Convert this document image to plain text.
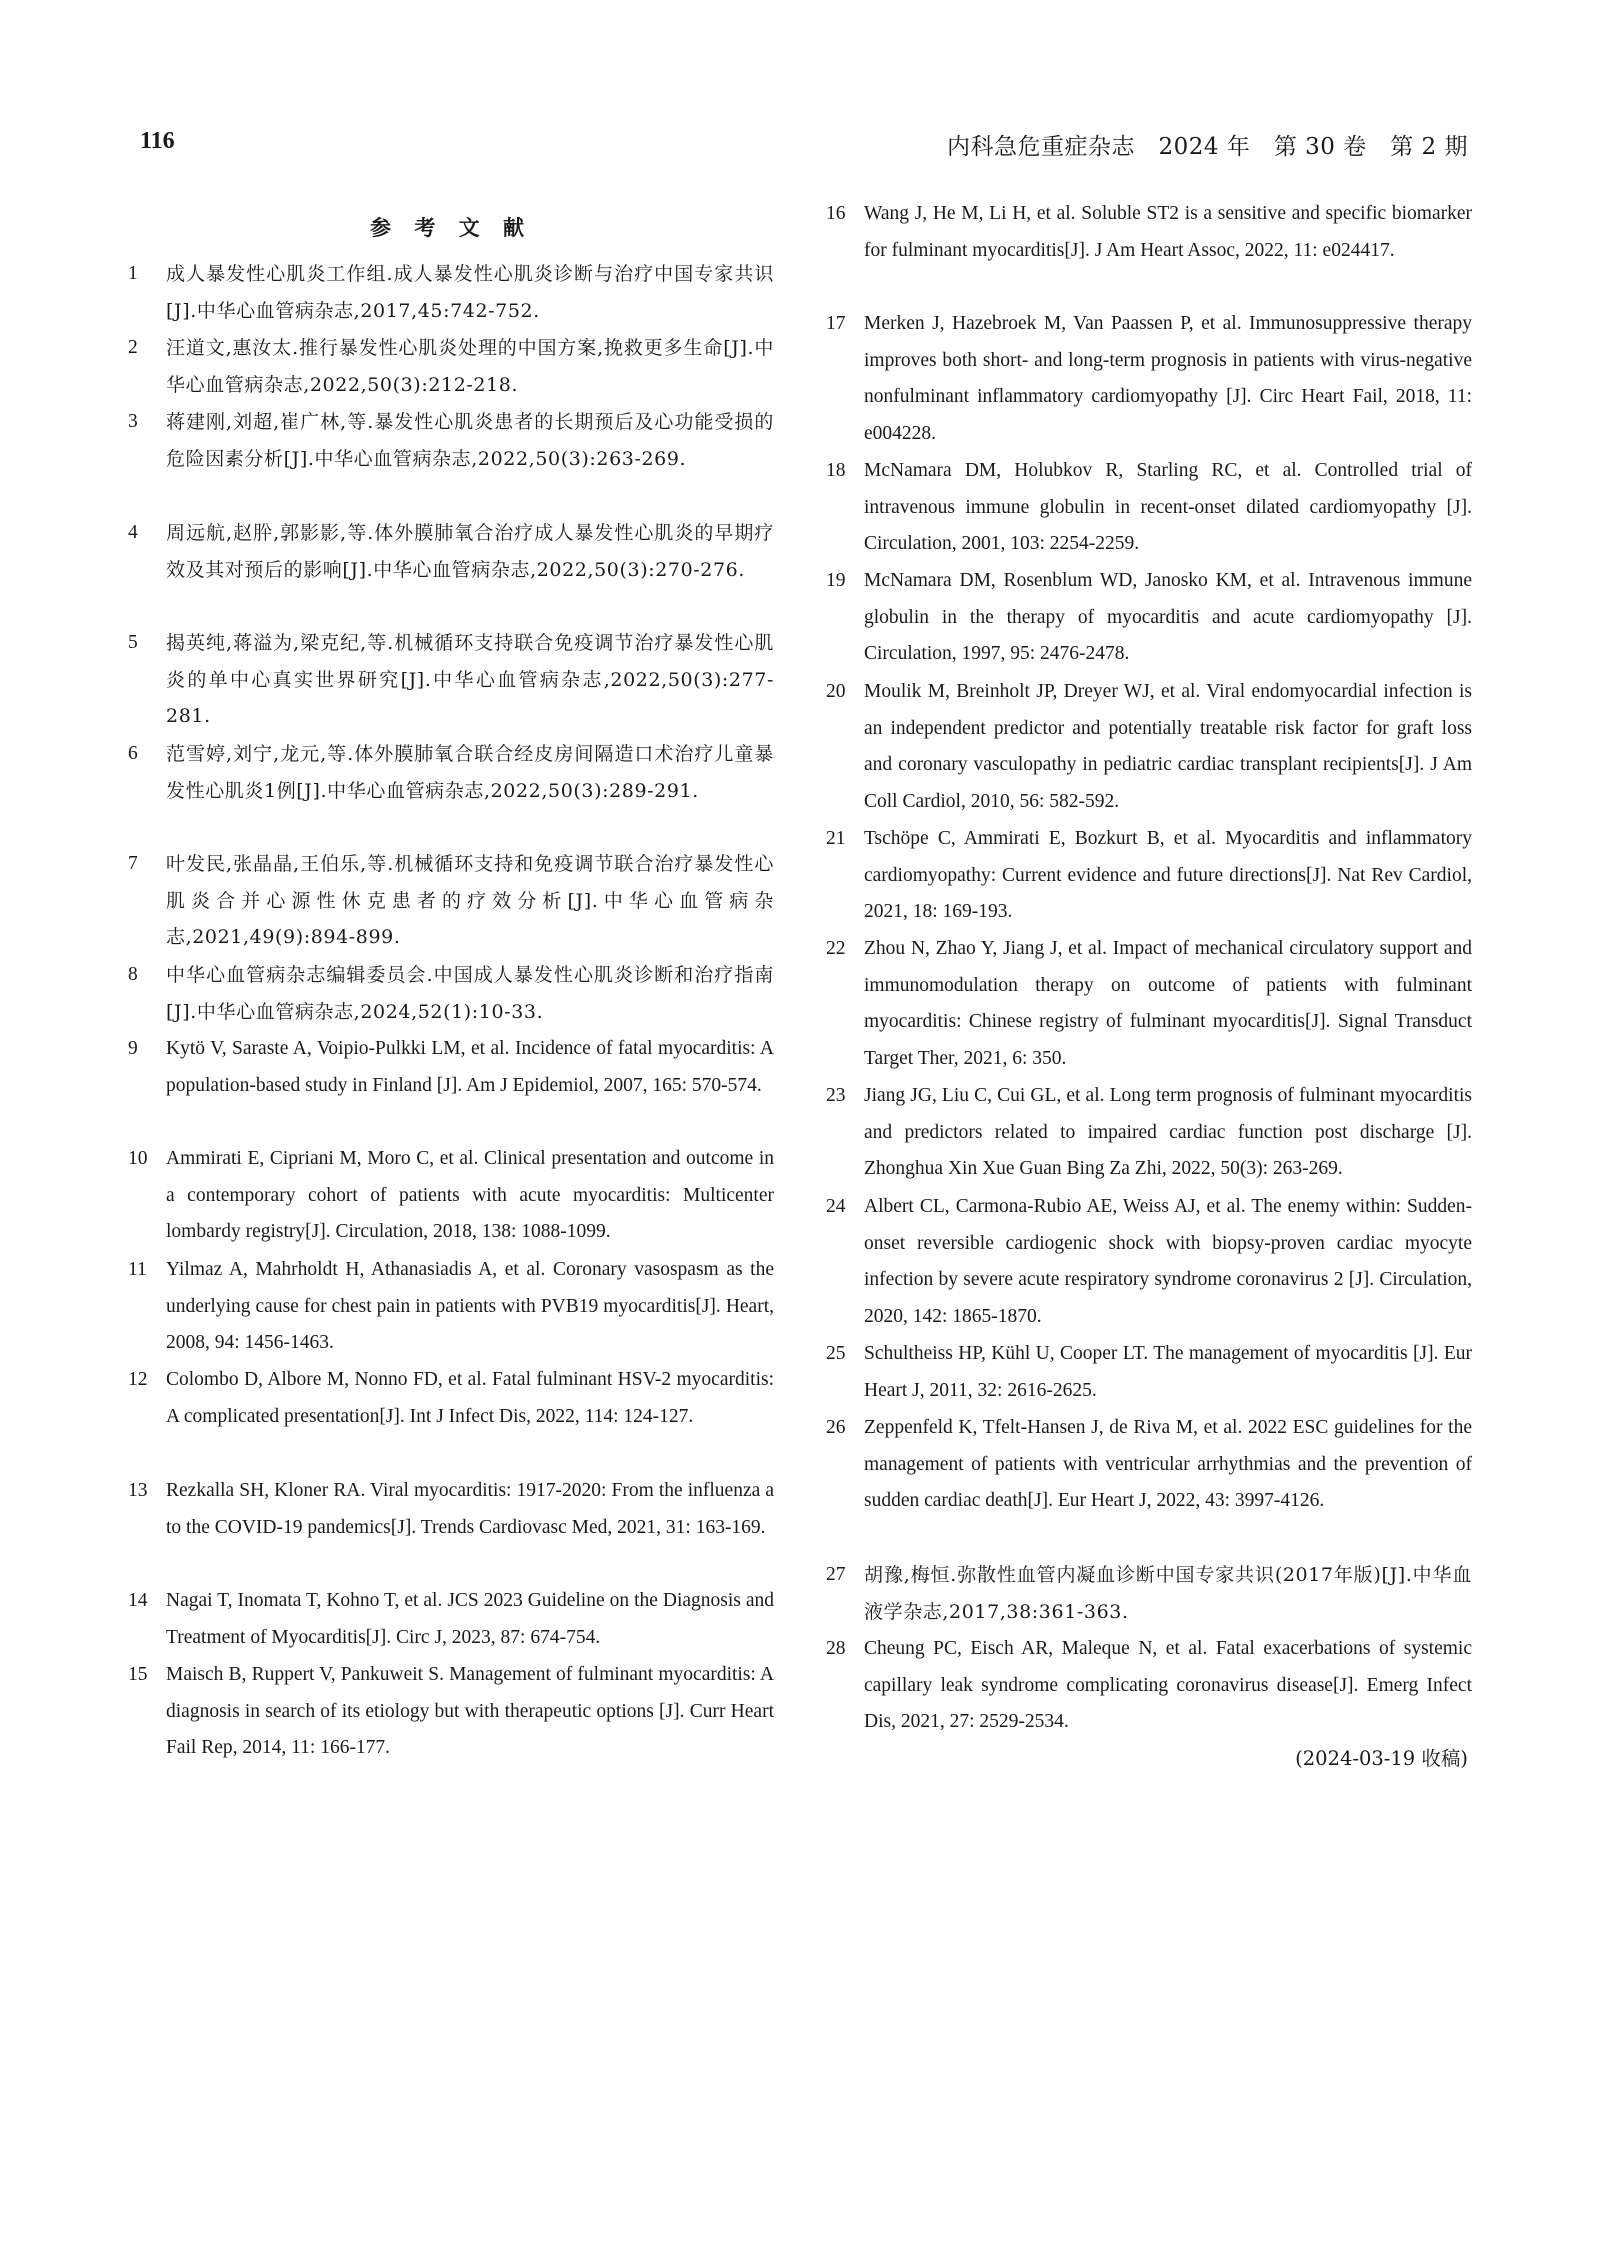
116	内科急危重症杂志　2024 年　第 30 卷　第 2 期
参 考 文 献
1	成人暴发性心肌炎工作组.成人暴发性心肌炎诊断与治疗中国专家共识[J].中华心血管病杂志,2017,45:742-752.
2	汪道文,惠汝太.推行暴发性心肌炎处理的中国方案,挽救更多生命[J].中华心血管病杂志,2022,50(3):212-218.
3	蒋建刚,刘超,崔广林,等.暴发性心肌炎患者的长期预后及心功能受损的危险因素分析[J].中华心血管病杂志,2022,50(3):263-269.
4	周远航,赵肸,郭影影,等.体外膜肺氧合治疗成人暴发性心肌炎的早期疗效及其对预后的影响[J].中华心血管病杂志,2022,50(3):270-276.
5	揭英纯,蒋溢为,梁克纪,等.机械循环支持联合免疫调节治疗暴发性心肌炎的单中心真实世界研究[J].中华心血管病杂志,2022,50(3):277-281.
6	范雪婷,刘宁,龙元,等.体外膜肺氧合联合经皮房间隔造口术治疗儿童暴发性心肌炎1例[J].中华心血管病杂志,2022,50(3):289-291.
7	叶发民,张晶晶,王伯乐,等.机械循环支持和免疫调节联合治疗暴发性心肌炎合并心源性休克患者的疗效分析[J].中华心血管病杂志,2021,49(9):894-899.
8	中华心血管病杂志编辑委员会.中国成人暴发性心肌炎诊断和治疗指南[J].中华心血管病杂志,2024,52(1):10-33.
9	Kytö V, Saraste A, Voipio-Pulkki LM, et al. Incidence of fatal myocarditis: A population-based study in Finland [J]. Am J Epidemiol, 2007, 165: 570-574.
10 Ammirati E, Cipriani M, Moro C, et al. Clinical presentation and outcome in a contemporary cohort of patients with acute myocarditis: Multicenter lombardy registry[J]. Circulation, 2018, 138: 1088-1099.
11 Yilmaz A, Mahrholdt H, Athanasiadis A, et al. Coronary vasospasm as the underlying cause for chest pain in patients with PVB19 myocarditis[J]. Heart, 2008, 94: 1456-1463.
12 Colombo D, Albore M, Nonno FD, et al. Fatal fulminant HSV-2 myocarditis: A complicated presentation[J]. Int J Infect Dis, 2022, 114: 124-127.
13 Rezkalla SH, Kloner RA. Viral myocarditis: 1917-2020: From the influenza a to the COVID-19 pandemics[J]. Trends Cardiovasc Med, 2021, 31: 163-169.
14 Nagai T, Inomata T, Kohno T, et al. JCS 2023 Guideline on the Diagnosis and Treatment of Myocarditis[J]. Circ J, 2023, 87: 674-754.
15 Maisch B, Ruppert V, Pankuweit S. Management of fulminant myocarditis: A diagnosis in search of its etiology but with therapeutic options [J]. Curr Heart Fail Rep, 2014, 11: 166-177.
16 Wang J, He M, Li H, et al. Soluble ST2 is a sensitive and specific biomarker for fulminant myocarditis[J]. J Am Heart Assoc, 2022, 11: e024417.
17 Merken J, Hazebroek M, Van Paassen P, et al. Immunosuppressive therapy improves both short- and long-term prognosis in patients with virus-negative nonfulminant inflammatory cardiomyopathy [J]. Circ Heart Fail, 2018, 11: e004228.
18 McNamara DM, Holubkov R, Starling RC, et al. Controlled trial of intravenous immune globulin in recent-onset dilated cardiomyopathy [J]. Circulation, 2001, 103: 2254-2259.
19 McNamara DM, Rosenblum WD, Janosko KM, et al. Intravenous immune globulin in the therapy of myocarditis and acute cardiomyopathy [J]. Circulation, 1997, 95: 2476-2478.
20 Moulik M, Breinholt JP, Dreyer WJ, et al. Viral endomyocardial infection is an independent predictor and potentially treatable risk factor for graft loss and coronary vasculopathy in pediatric cardiac transplant recipients[J]. J Am Coll Cardiol, 2010, 56: 582-592.
21 Tschöpe C, Ammirati E, Bozkurt B, et al. Myocarditis and inflammatory cardiomyopathy: Current evidence and future directions[J]. Nat Rev Cardiol, 2021, 18: 169-193.
22 Zhou N, Zhao Y, Jiang J, et al. Impact of mechanical circulatory support and immunomodulation therapy on outcome of patients with fulminant myocarditis: Chinese registry of fulminant myocarditis[J]. Signal Transduct Target Ther, 2021, 6: 350.
23 Jiang JG, Liu C, Cui GL, et al. Long term prognosis of fulminant myocarditis and predictors related to impaired cardiac function post discharge [J]. Zhonghua Xin Xue Guan Bing Za Zhi, 2022, 50(3): 263-269.
24 Albert CL, Carmona-Rubio AE, Weiss AJ, et al. The enemy within: Sudden-onset reversible cardiogenic shock with biopsy-proven cardiac myocyte infection by severe acute respiratory syndrome coronavirus 2 [J]. Circulation, 2020, 142: 1865-1870.
25 Schultheiss HP, Kühl U, Cooper LT. The management of myocarditis [J]. Eur Heart J, 2011, 32: 2616-2625.
26 Zeppenfeld K, Tfelt-Hansen J, de Riva M, et al. 2022 ESC guidelines for the management of patients with ventricular arrhythmias and the prevention of sudden cardiac death[J]. Eur Heart J, 2022, 43: 3997-4126.
27 胡豫,梅恒.弥散性血管内凝血诊断中国专家共识(2017年版)[J].中华血液学杂志,2017,38:361-363.
28 Cheung PC, Eisch AR, Maleque N, et al. Fatal exacerbations of systemic capillary leak syndrome complicating coronavirus disease[J]. Emerg Infect Dis, 2021, 27: 2529-2534.
(2024-03-19 收稿)
